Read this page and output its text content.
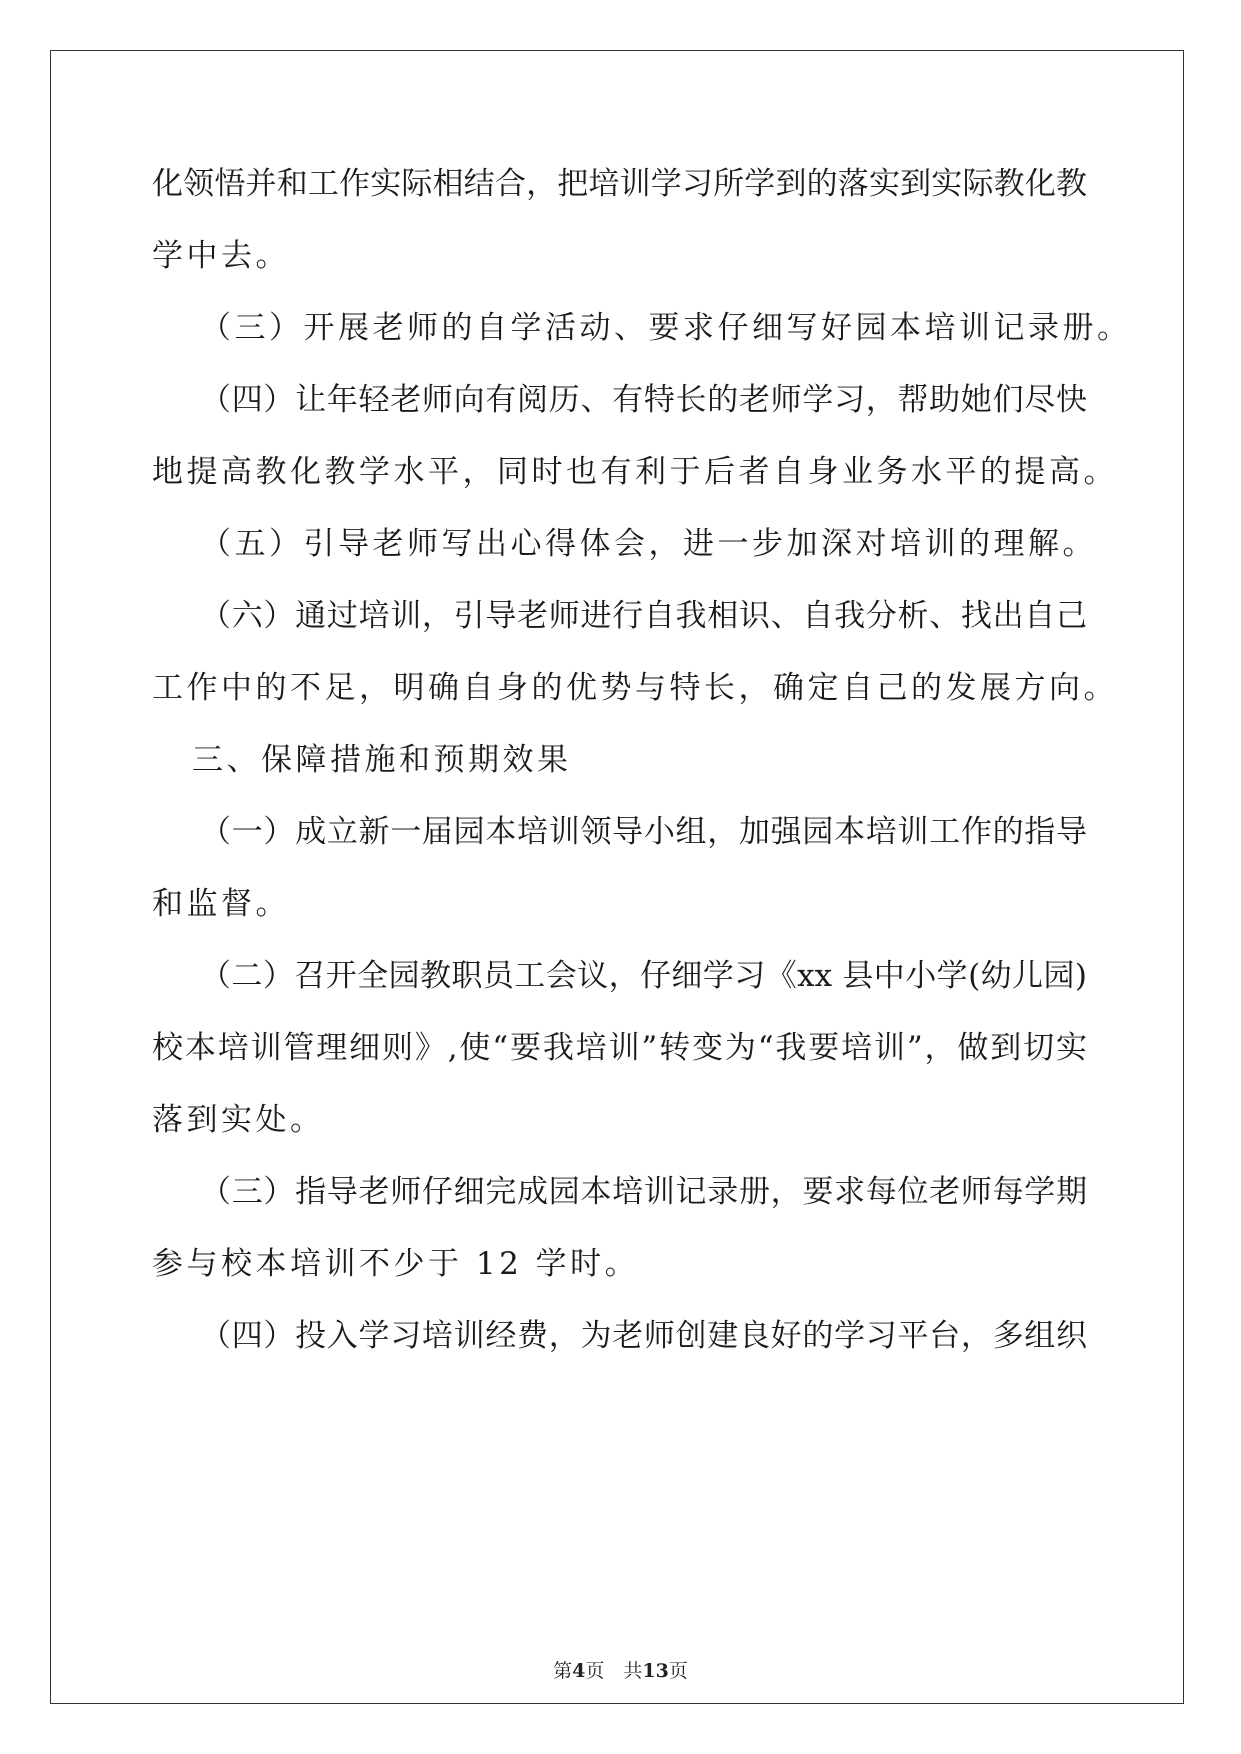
化领悟并和工作实际相结合，把培训学习所学到的落实到实际教化教
学中去。
（三）开展老师的自学活动、要求仔细写好园本培训记录册。
（四）让年轻老师向有阅历、有特长的老师学习，帮助她们尽快
地提高教化教学水平，同时也有利于后者自身业务水平的提高。
（五）引导老师写出心得体会，进一步加深对培训的理解。
（六）通过培训，引导老师进行自我相识、自我分析、找出自己
工作中的不足，明确自身的优势与特长，确定自己的发展方向。
三、保障措施和预期效果
（一）成立新一届园本培训领导小组，加强园本培训工作的指导
和监督。
（二）召开全园教职员工会议，仔细学习《xx 县中小学(幼儿园)
校本培训管理细则》,使“要我培训”转变为“我要培训”，做到切实
落到实处。
（三）指导老师仔细完成园本培训记录册，要求每位老师每学期
参与校本培训不少于 12 学时。
（四）投入学习培训经费，为老师创建良好的学习平台，多组织
第4页　共13页
